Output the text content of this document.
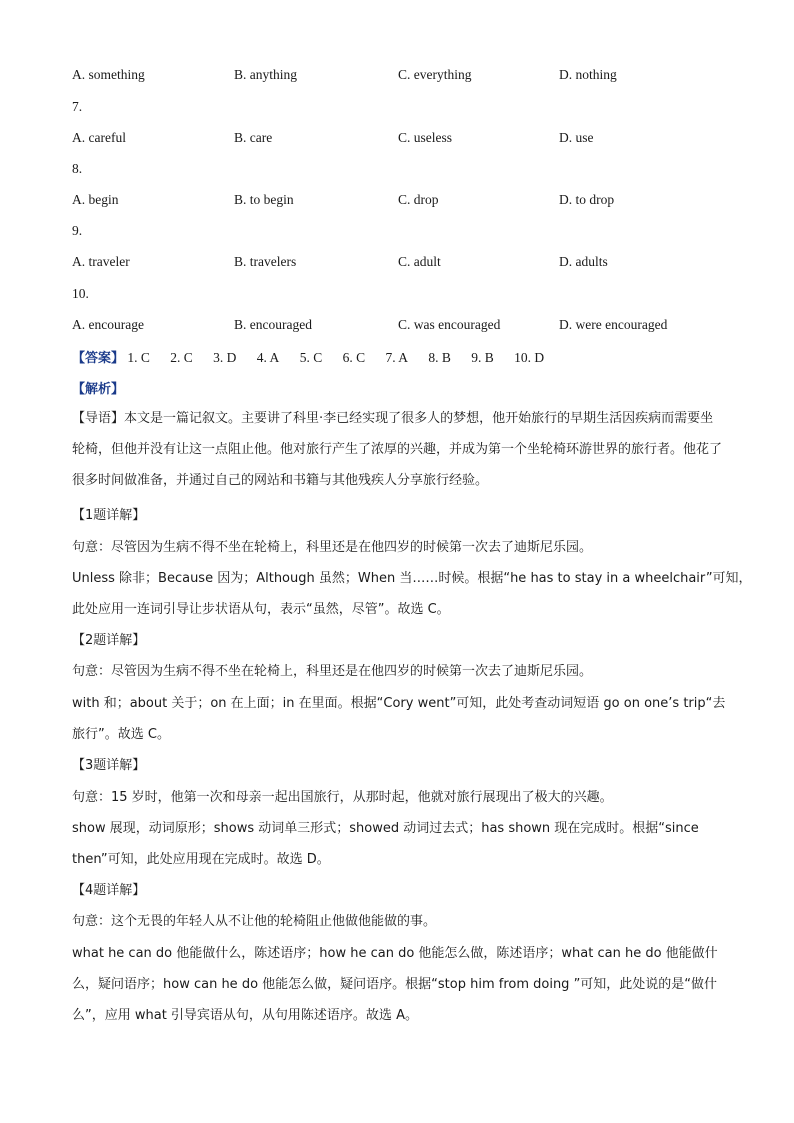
A. something	B. anything	C. everything	D. nothing
7.
A. careful	B. care	C. useless	D. use
8.
A. begin	B. to begin	C. drop	D. to drop
9.
A. traveler	B. travelers	C. adult	D. adults
10.
A. encourage	B. encouraged	C. was encouraged	D. were encouraged
【答案】 1. C 2. C 3. D 4. A 5. C 6. C 7. A 8. B 9. B 10. D
【解析】
【导语】本文是一篇记叙文。主要讲了科里·李已经实现了很多人的梦想，他开始旅行的早期生活因疾病而需要坐轮椅，但他并没有让这一点阻止他。他对旅行产生了浓厚的兴趣，并成为第一个坐轮椅环游世界的旅行者。他花了很多时间做准备，并通过自己的网站和书籍与其他残疾人分享旅行经验。
【1题详解】
句意：尽管因为生病不得不坐在轮椅上，科里还是在他四岁的时候第一次去了迪斯尼乐园。
Unless 除非；Because 因为；Although 虽然；When 当……时候。根据“he has to stay in a wheelchair”可知，
此处应用一连词引导让步状语从句，表示“虽然，尽管”。故选 C。
【2题详解】
句意：尽管因为生病不得不坐在轮椅上，科里还是在他四岁的时候第一次去了迪斯尼乐园。
with 和；about 关于；on 在上面；in 在里面。根据“Cory went”可知，此处考查动词短语 go on one’s trip“去
旅行”。故选 C。
【3题详解】
句意：15 岁时，他第一次和母亲一起出国旅行，从那时起，他就对旅行展现出了极大的兴趣。
show 展现，动词原形；shows 动词单三形式；showed 动词过去式；has shown 现在完成时。根据“since
then”可知，此处应用现在完成时。故选 D。
【4题详解】
句意：这个无畏的年轻人从不让他的轮椅阻止他做他能做的事。
what he can do 他能做什么，陈述语序；how he can do 他能怎么做，陈述语序；what can he do 他能做什
么，疑问语序；how can he do 他能怎么做，疑问语序。根据“stop him from doing ”可知，此处说的是“做什
么”，应用 what 引导宾语从句，从句用陈述语序。故选 A。
